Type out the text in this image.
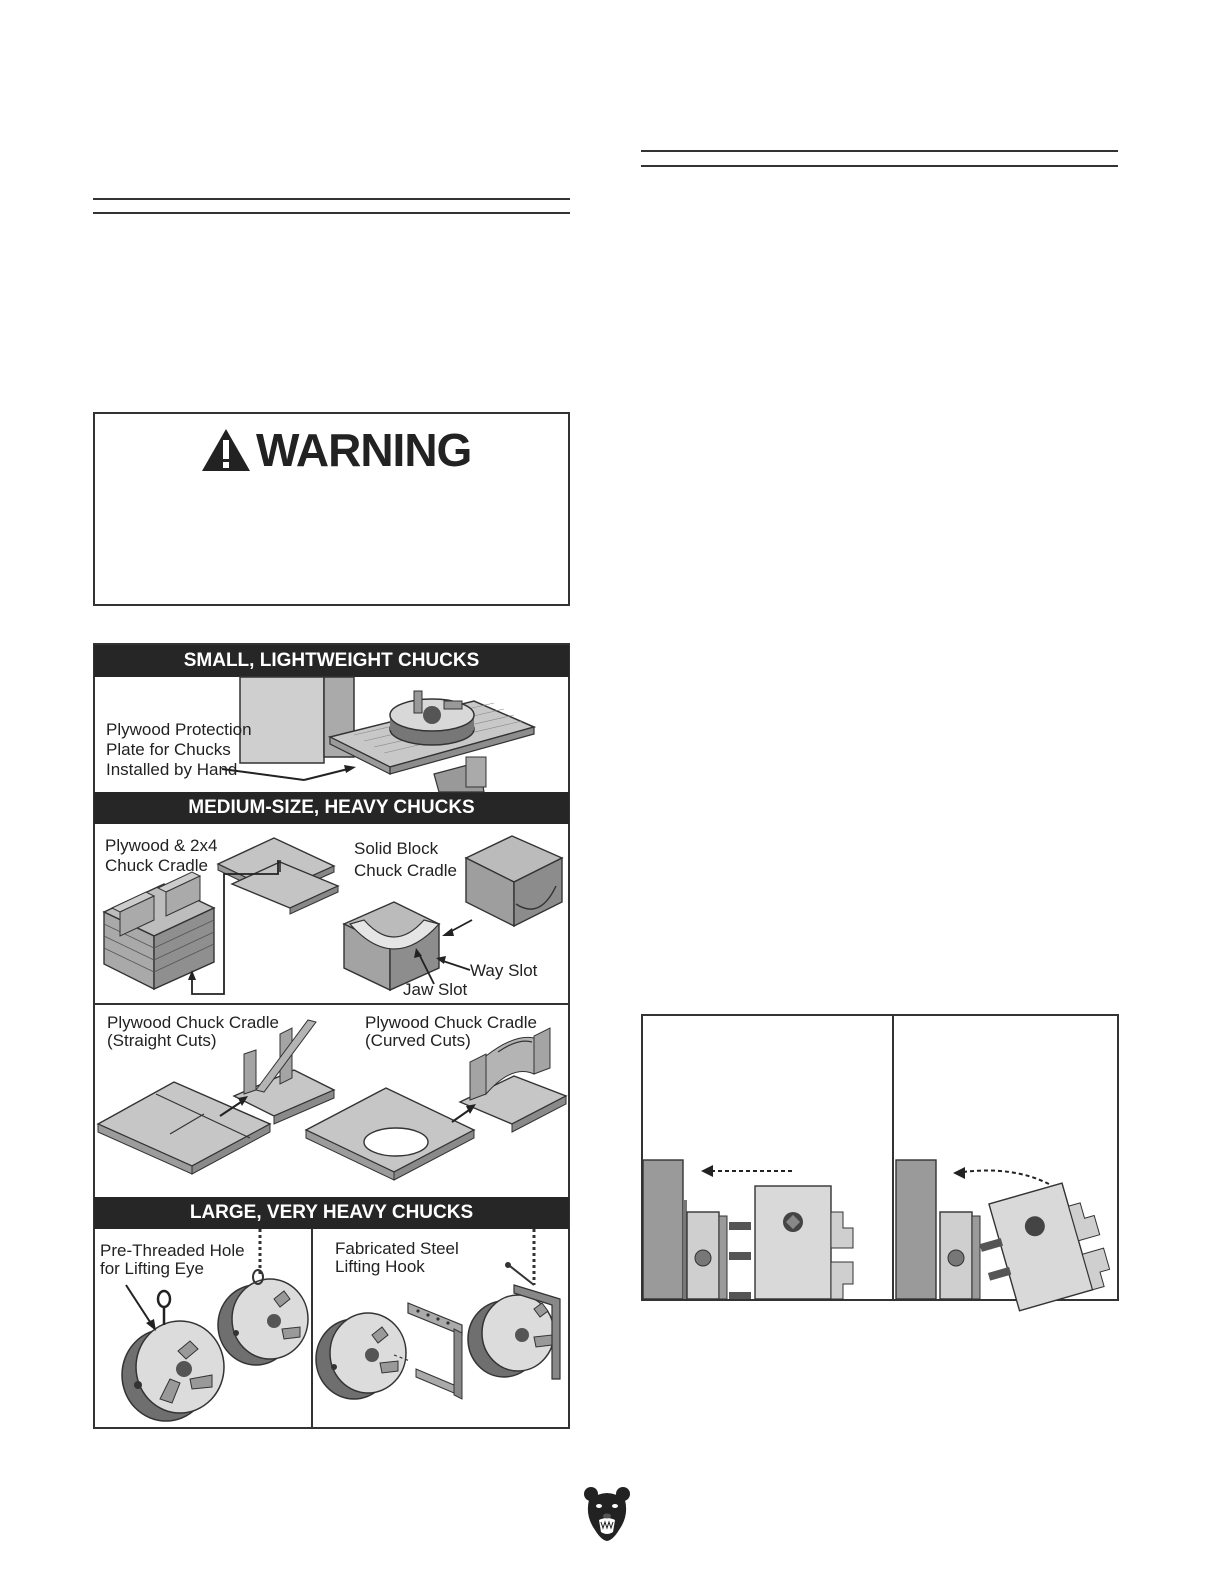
WARNING
SMALL, LIGHTWEIGHT CHUCKS
MEDIUM-SIZE, HEAVY CHUCKS
LARGE, VERY HEAVY CHUCKS
Plywood Protection
Plate for Chucks
Installed by Hand
Plywood & 2x4
Chuck Cradle
Solid Block
Chuck Cradle
Way Slot
Jaw Slot
Plywood Chuck Cradle
(Straight Cuts)
Plywood Chuck Cradle
(Curved Cuts)
Pre-Threaded Hole
for Lifting Eye
Fabricated Steel
Lifting Hook
